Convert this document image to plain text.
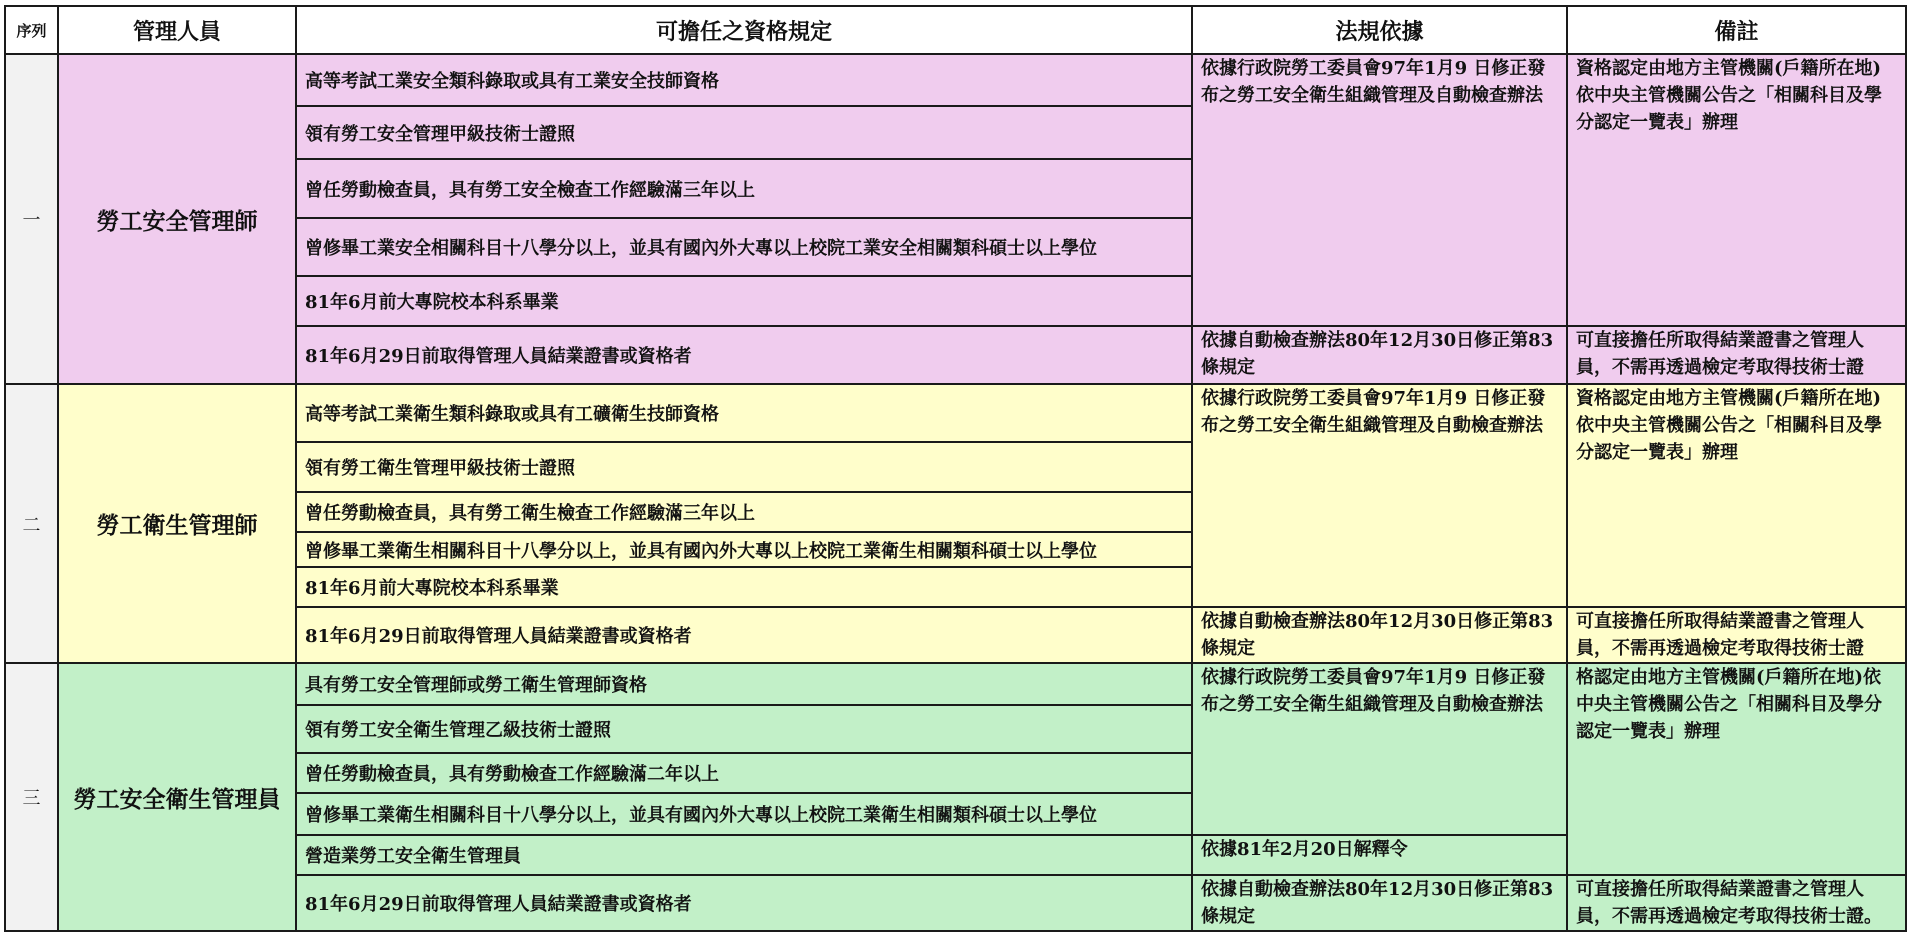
序列	管理人員	可擔任之資格規定	法規依據	備註
一	勞工安全管理師	高等考試工業安全類科錄取或具有工業安全技師資格	依據行政院勞工委員會97年1月9 日修正發布之勞工安全衛生組織管理及自動檢查辦法	資格認定由地方主管機關(戶籍所在地)依中央主管機關公告之「相關科目及學分認定一覽表」辦理
		領有勞工安全管理甲級技術士證照		
		曾任勞動檢查員，具有勞工安全檢查工作經驗滿三年以上		
		曾修畢工業安全相關科目十八學分以上，並具有國內外大專以上校院工業安全相關類科碩士以上學位		
		81年6月前大專院校本科系畢業		
		81年6月29日前取得管理人員結業證書或資格者	依據自動檢查辦法80年12月30日修正第83條規定	可直接擔任所取得結業證書之管理人員，不需再透過檢定考取得技術士證
二	勞工衛生管理師	高等考試工業衛生類科錄取或具有工礦衛生技師資格	依據行政院勞工委員會97年1月9 日修正發布之勞工安全衛生組織管理及自動檢查辦法	資格認定由地方主管機關(戶籍所在地)依中央主管機關公告之「相關科目及學分認定一覽表」辦理
		領有勞工衛生管理甲級技術士證照		
		曾任勞動檢查員，具有勞工衛生檢查工作經驗滿三年以上		
		曾修畢工業衛生相關科目十八學分以上，並具有國內外大專以上校院工業衛生相關類科碩士以上學位		
		81年6月前大專院校本科系畢業		
		81年6月29日前取得管理人員結業證書或資格者	依據自動檢查辦法80年12月30日修正第83條規定	可直接擔任所取得結業證書之管理人員，不需再透過檢定考取得技術士證
三	勞工安全衛生管理員	具有勞工安全管理師或勞工衛生管理師資格	依據行政院勞工委員會97年1月9 日修正發布之勞工安全衛生組織管理及自動檢查辦法	格認定由地方主管機關(戶籍所在地)依中央主管機關公告之「相關科目及學分認定一覽表」辦理
		領有勞工安全衛生管理乙級技術士證照		
		曾任勞動檢查員，具有勞動檢查工作經驗滿二年以上		
		曾修畢工業衛生相關科目十八學分以上，並具有國內外大專以上校院工業衛生相關類科碩士以上學位		
		營造業勞工安全衛生管理員	依據81年2月20日解釋令	
		81年6月29日前取得管理人員結業證書或資格者	依據自動檢查辦法80年12月30日修正第83條規定	可直接擔任所取得結業證書之管理人員，不需再透過檢定考取得技術士證。
